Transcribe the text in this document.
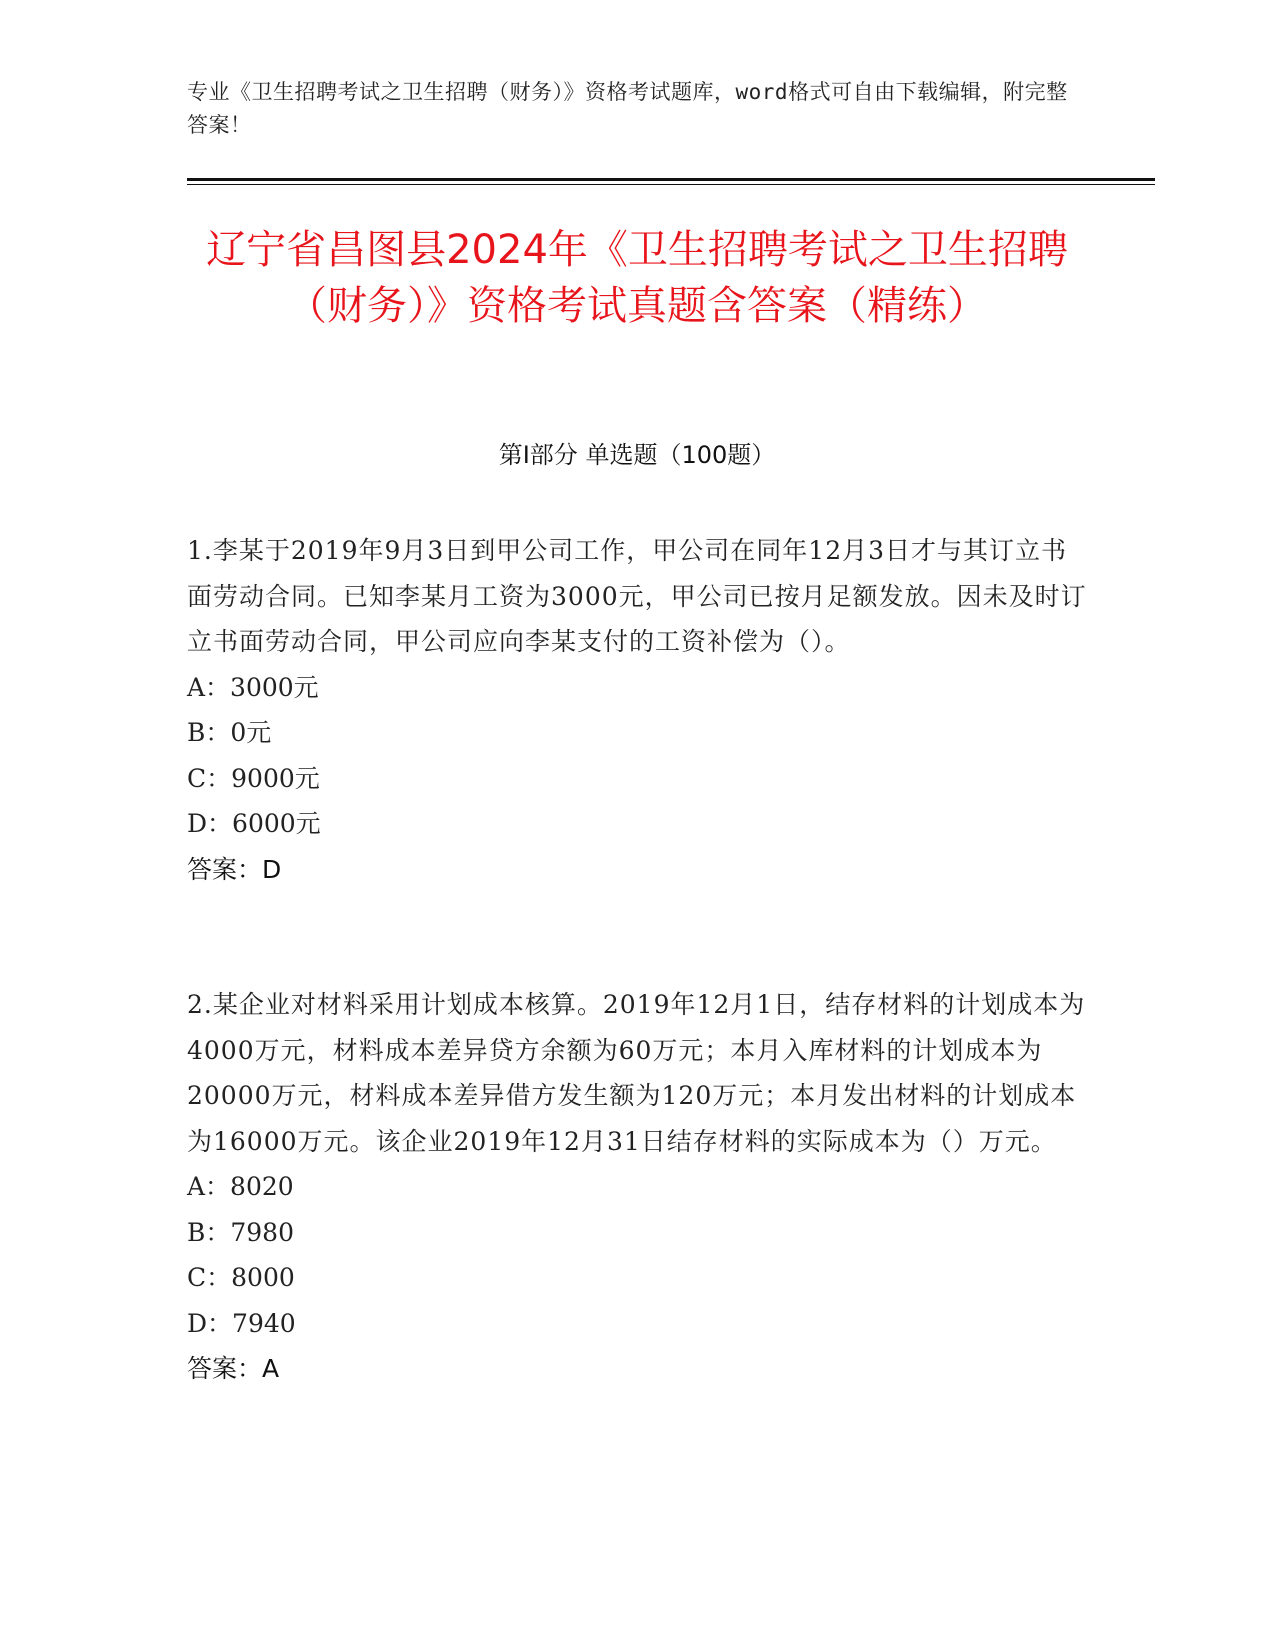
专业《卫生招聘考试之卫生招聘（财务）》资格考试题库，word格式可自由下载编辑，附完整答案！
辽宁省昌图县2024年《卫生招聘考试之卫生招聘（财务）》资格考试真题含答案（精练）
第I部分 单选题（100题）
1.李某于2019年9月3日到甲公司工作，甲公司在同年12月3日才与其订立书面劳动合同。已知李某月工资为3000元，甲公司已按月足额发放。因未及时订立书面劳动合同，甲公司应向李某支付的工资补偿为（）。
A：3000元
B：0元
C：9000元
D：6000元
答案：D
2.某企业对材料采用计划成本核算。2019年12月1日，结存材料的计划成本为4000万元，材料成本差异贷方余额为60万元；本月入库材料的计划成本为20000万元，材料成本差异借方发生额为120万元；本月发出材料的计划成本为16000万元。该企业2019年12月31日结存材料的实际成本为（）万元。
A：8020
B：7980
C：8000
D：7940
答案：A
